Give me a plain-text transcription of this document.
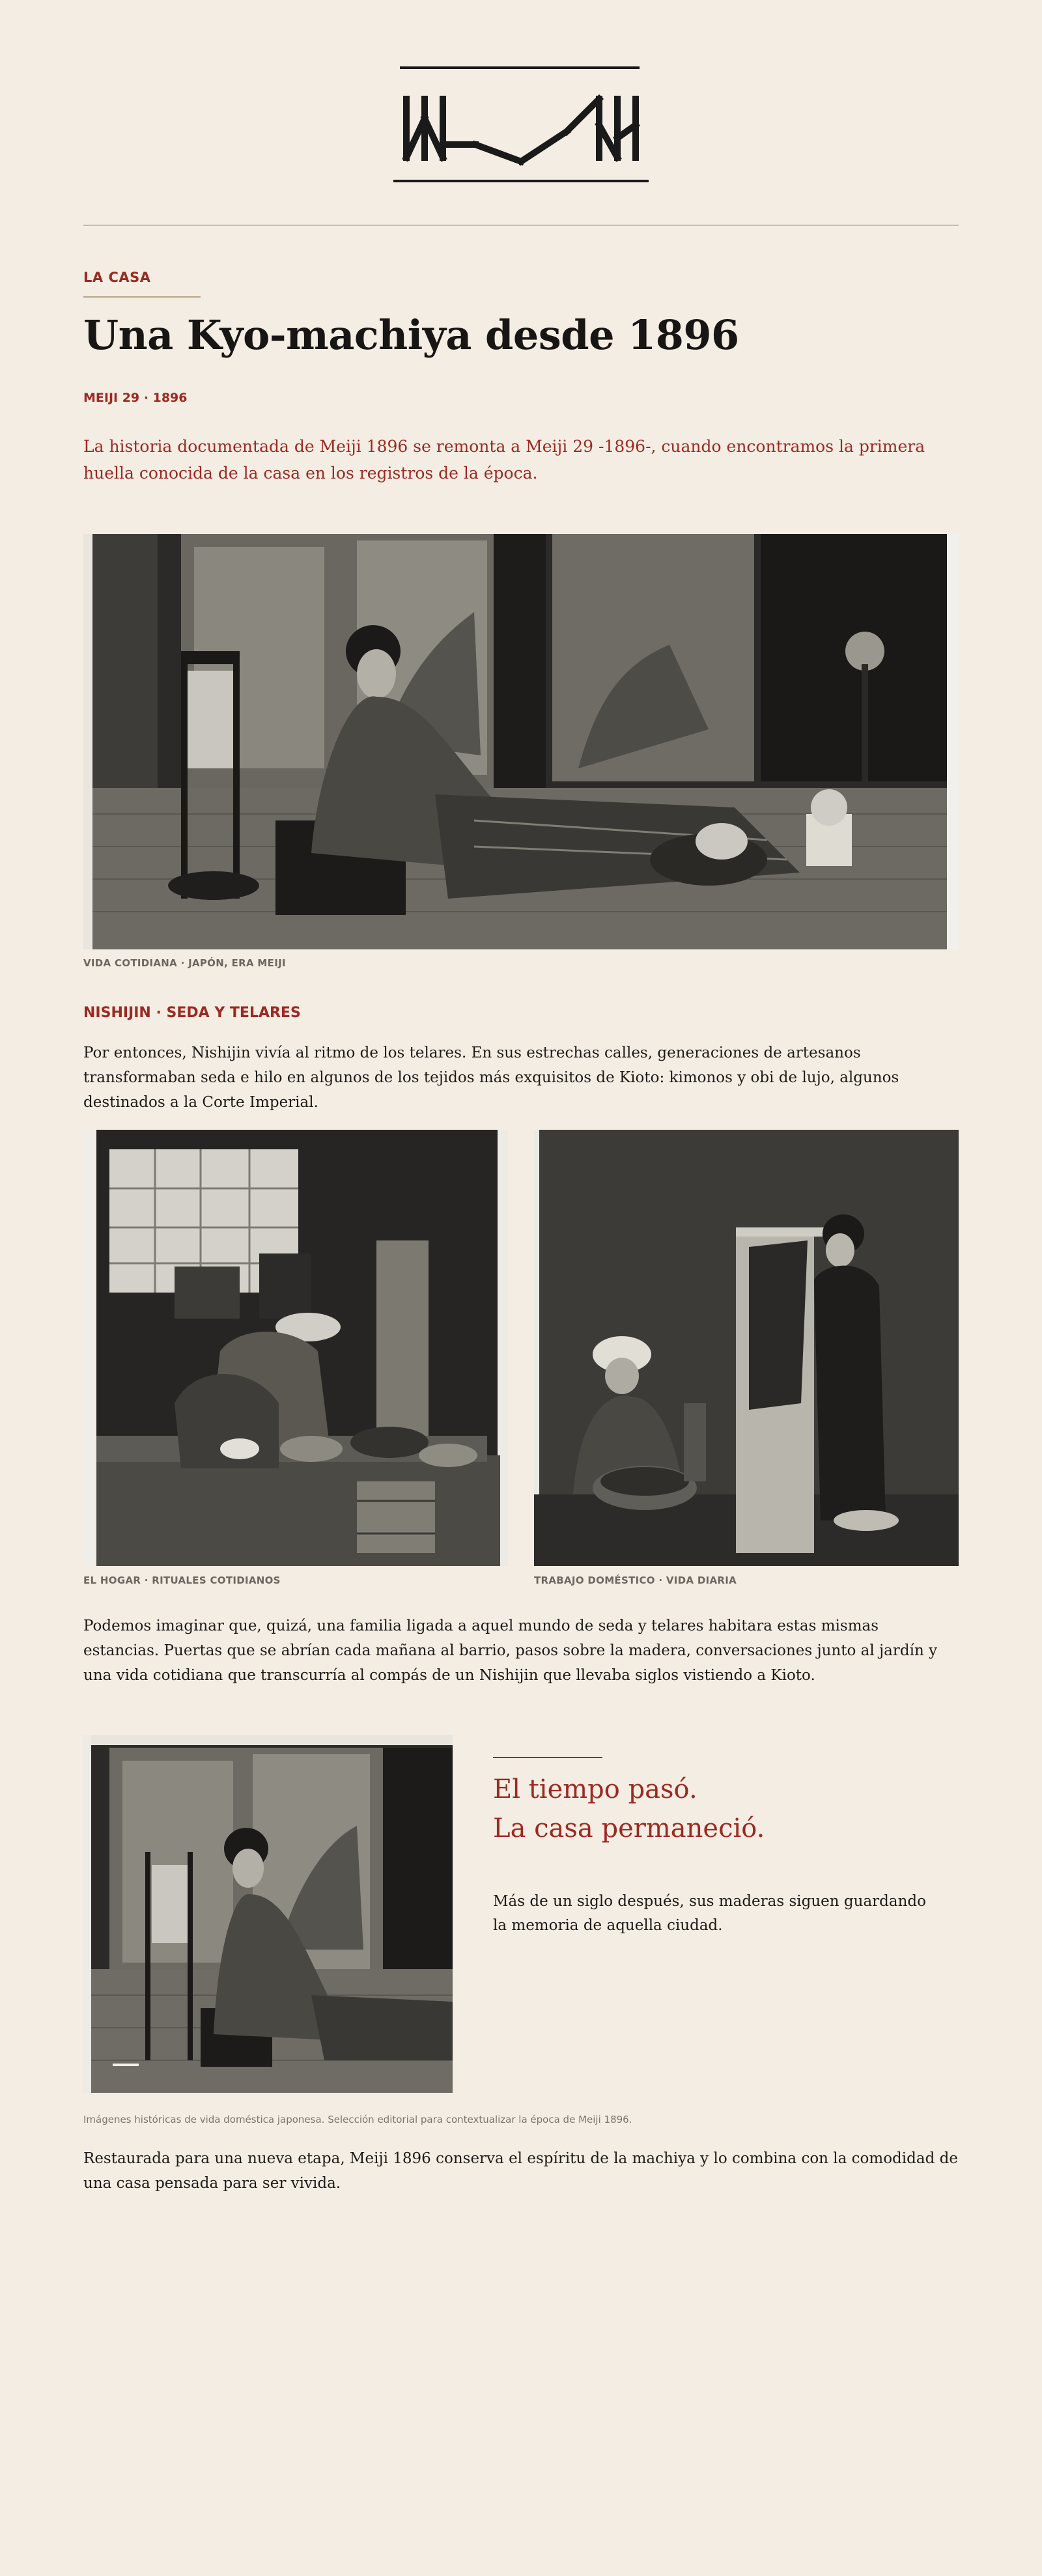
LA CASA
Una Kyo-machiya desde 1896
MEIJI 29 · 1896

La historia documentada de Meiji 1896 se remonta a Meiji 29 -1896-, cuando encontramos la primera huella conocida de la casa en los registros de la época.

VIDA COTIDIANA · JAPÓN, ERA MEIJI
NISHIJIN · SEDA Y TELARES

Por entonces, Nishijin vivía al ritmo de los telares. En sus estrechas calles, generaciones de artesanos transformaban seda e hilo en algunos de los tejidos más exquisitos de Kioto: kimonos y obi de lujo, algunos destinados a la Corte Imperial.

EL HOGAR · RITUALES COTIDIANOS	TRABAJO DOMÉSTICO · VIDA DIARIA

Podemos imaginar que, quizá, una familia ligada a aquel mundo de seda y telares habitara estas mismas estancias. Puertas que se abrían cada mañana al barrio, pasos sobre la madera, conversaciones junto al jardín y una vida cotidiana que transcurría al compás de un Nishijin que llevaba siglos vistiendo a Kioto.

El tiempo pasó.
La casa permaneció.

Más de un siglo después, sus maderas siguen guardando la memoria de aquella ciudad.

Imágenes históricas de vida doméstica japonesa. Selección editorial para contextualizar la época de Meiji 1896.

Restaurada para una nueva etapa, Meiji 1896 conserva el espíritu de la machiya y lo combina con la comodidad de una casa pensada para ser vivida.
